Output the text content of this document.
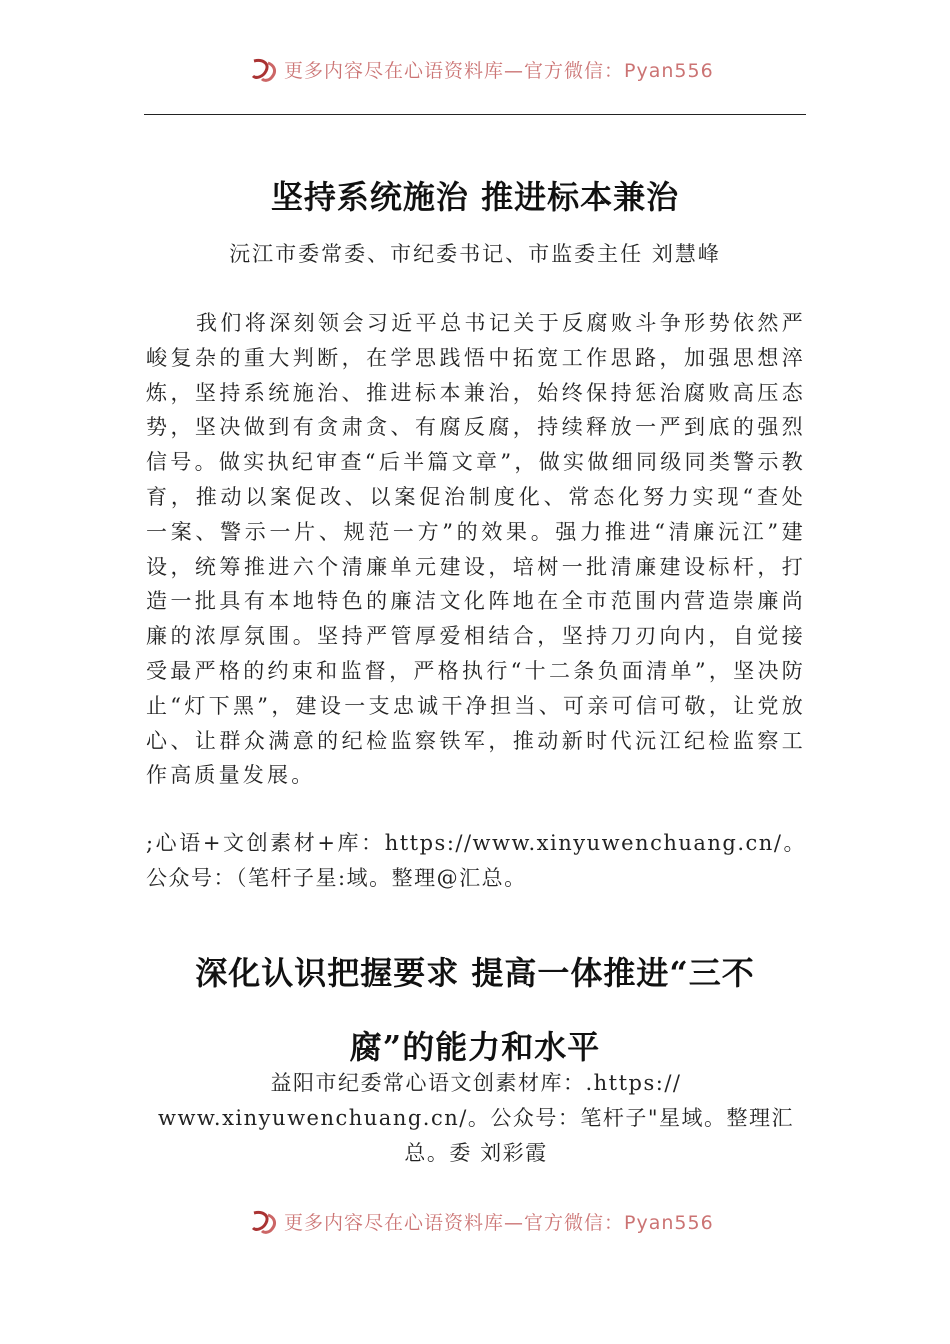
更多内容尽在心语资料库—官方微信：Pyan556
坚持系统施治 推进标本兼治
沅江市委常委、市纪委书记、市监委主任 刘慧峰

我们将深刻领会习近平总书记关于反腐败斗争形势依然严峻复杂的重大判断，在学思践悟中拓宽工作思路，加强思想淬炼，坚持系统施治、推进标本兼治，始终保持惩治腐败高压态势，坚决做到有贪肃贪、有腐反腐，持续释放一严到底的强烈信号。做实执纪审查“后半篇文章”，做实做细同级同类警示教育，推动以案促改、以案促治制度化、常态化努力实现“查处一案、警示一片、规范一方”的效果。强力推进“清廉沅江”建设，统筹推进六个清廉单元建设，培树一批清廉建设标杆，打造一批具有本地特色的廉洁文化阵地在全市范围内营造崇廉尚廉的浓厚氛围。坚持严管厚爱相结合，坚持刀刃向内，自觉接受最严格的约束和监督，严格执行“十二条负面清单”，坚决防止“灯下黑”，建设一支忠诚干净担当、可亲可信可敬，让党放心、让群众满意的纪检监察铁军，推动新时代沅江纪检监察工作高质量发展。

;心语+文创素材+库：https://www.xinyuwenchuang.cn/。公众号：（笔杆子星:域。整理@汇总。

深化认识把握要求 提高一体推进“三不
腐”的能力和水平

益阳市纪委常心语文创素材库：.https:// www.xinyuwenchuang.cn/。公众号：笔杆子"星域。整理汇总。委 刘彩霞

更多内容尽在心语资料库—官方微信：Pyan556
